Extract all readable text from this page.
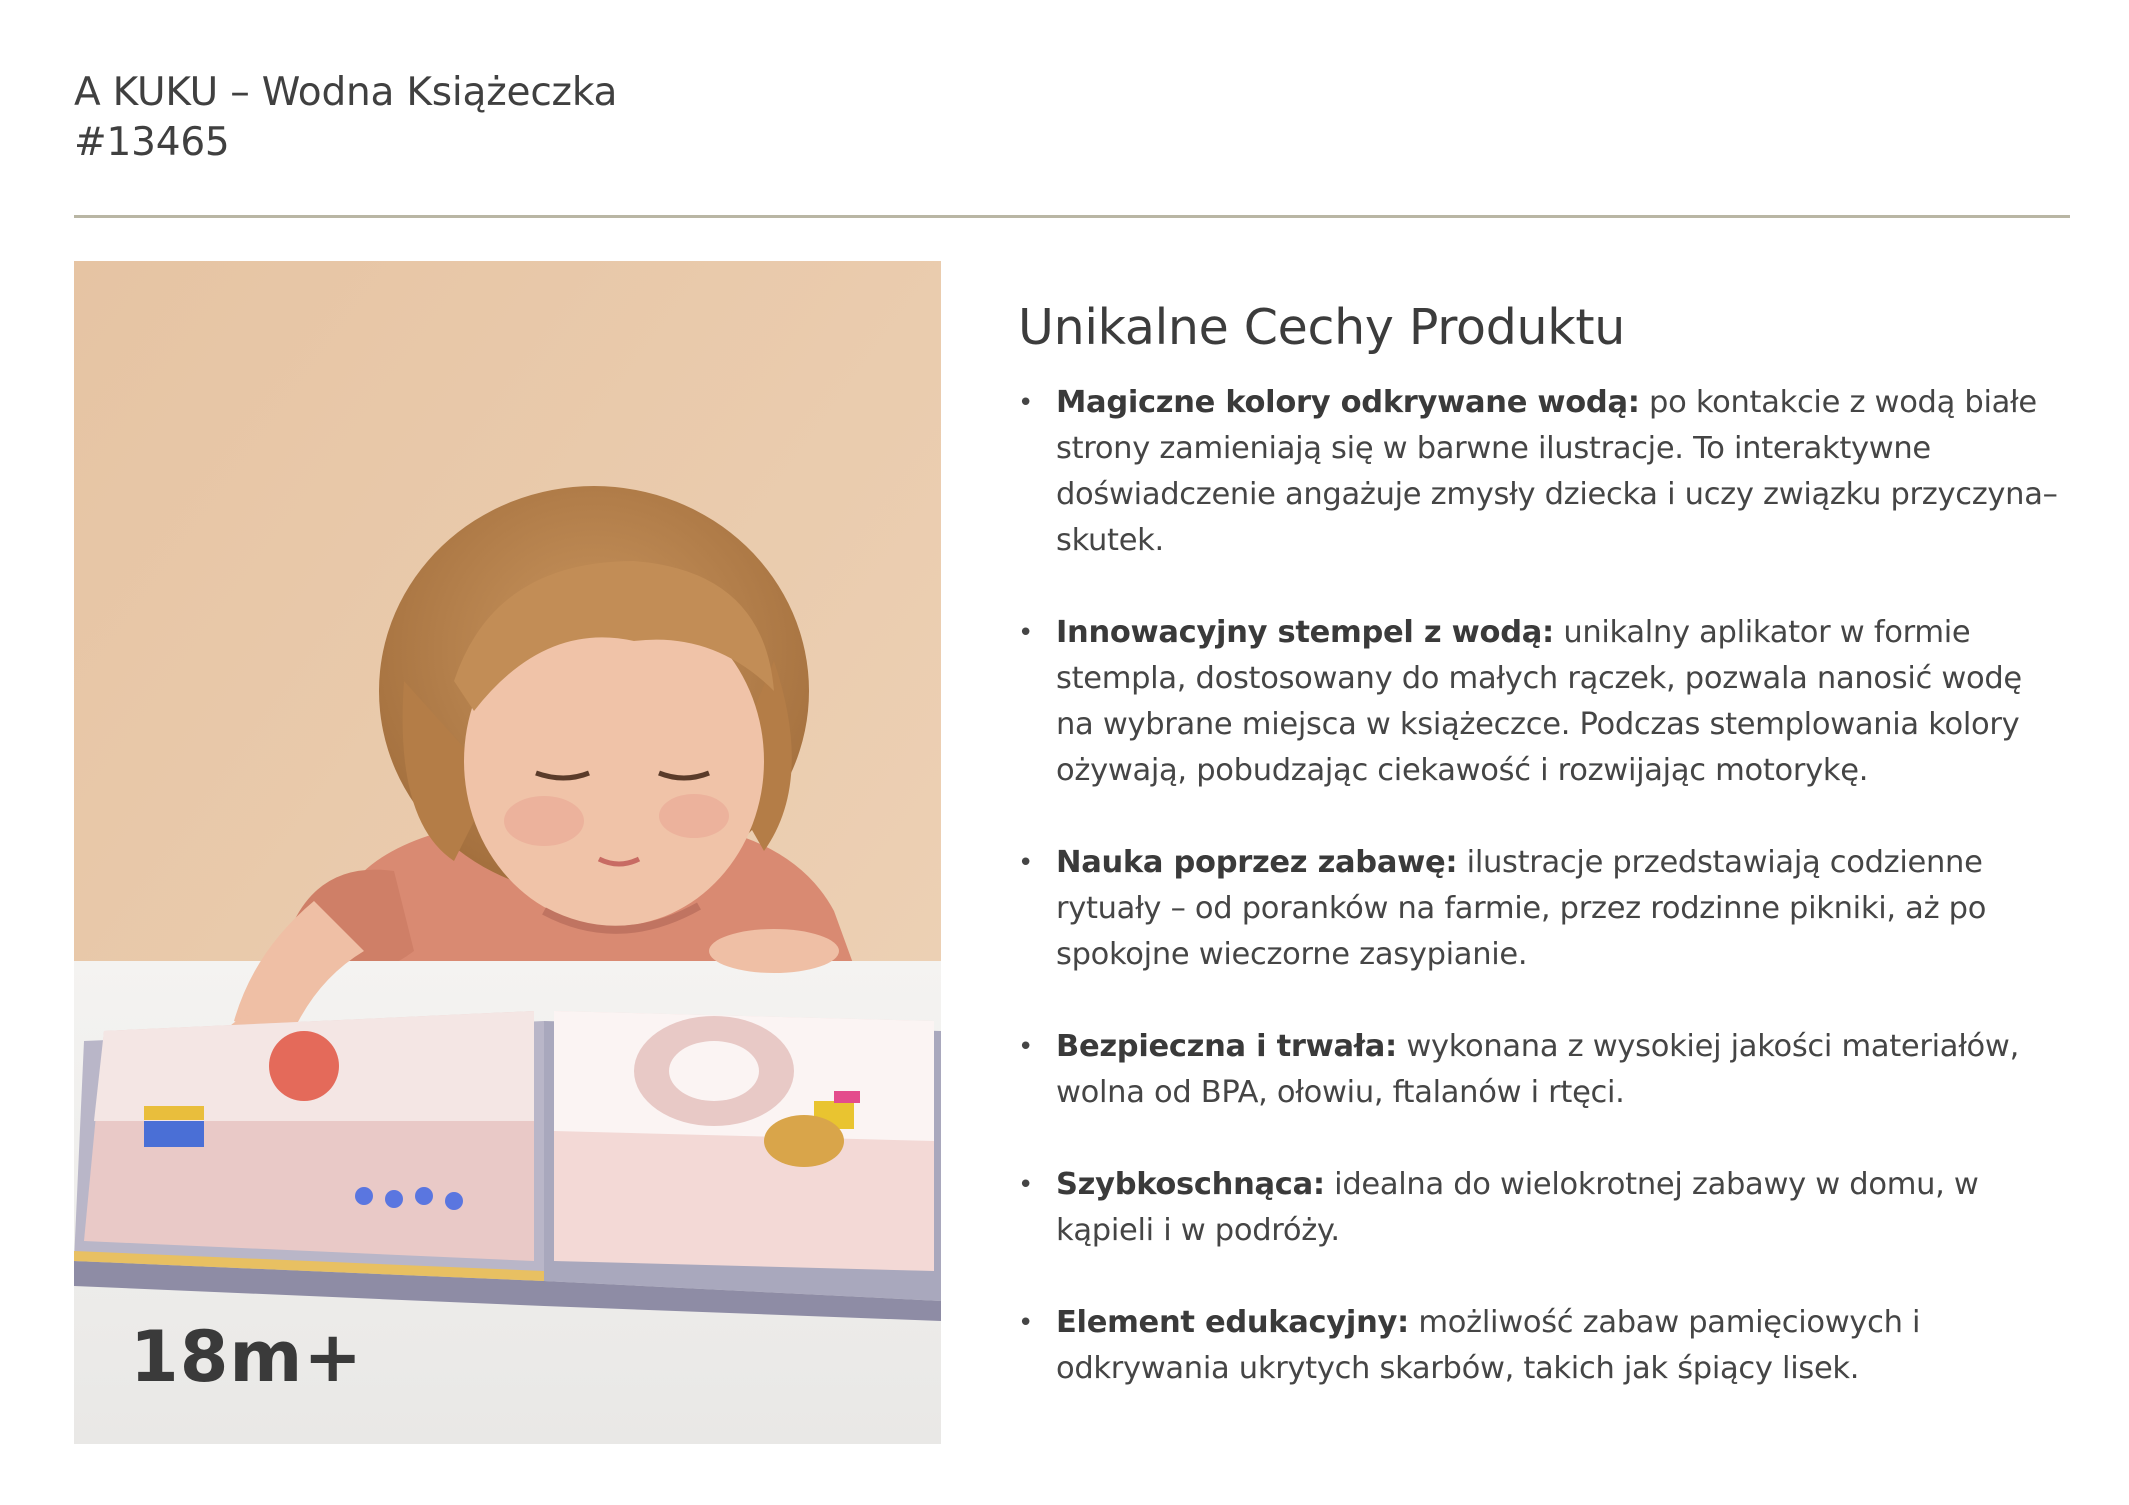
A KUKU – Wodna Książeczka
#13465
18m+
Unikalne Cechy Produktu
• Magiczne kolory odkrywane wodą: po kontakcie z wodą białe strony zamieniają się w barwne ilustracje. To interaktywne doświadczenie angażuje zmysły dziecka i uczy związku przyczyna–skutek.
• Innowacyjny stempel z wodą: unikalny aplikator w formie stempla, dostosowany do małych rączek, pozwala nanosić wodę na wybrane miejsca w książeczce. Podczas stemplowania kolory ożywają, pobudzając ciekawość i rozwijając motorykę.
• Nauka poprzez zabawę: ilustracje przedstawiają codzienne rytuały – od poranków na farmie, przez rodzinne pikniki, aż po spokojne wieczorne zasypianie.
• Bezpieczna i trwała: wykonana z wysokiej jakości materiałów, wolna od BPA, ołowiu, ftalanów i rtęci.
• Szybkoschnąca: idealna do wielokrotnej zabawy w domu, w kąpieli i w podróży.
• Element edukacyjny: możliwość zabaw pamięciowych i odkrywania ukrytych skarbów, takich jak śpiący lisek.
